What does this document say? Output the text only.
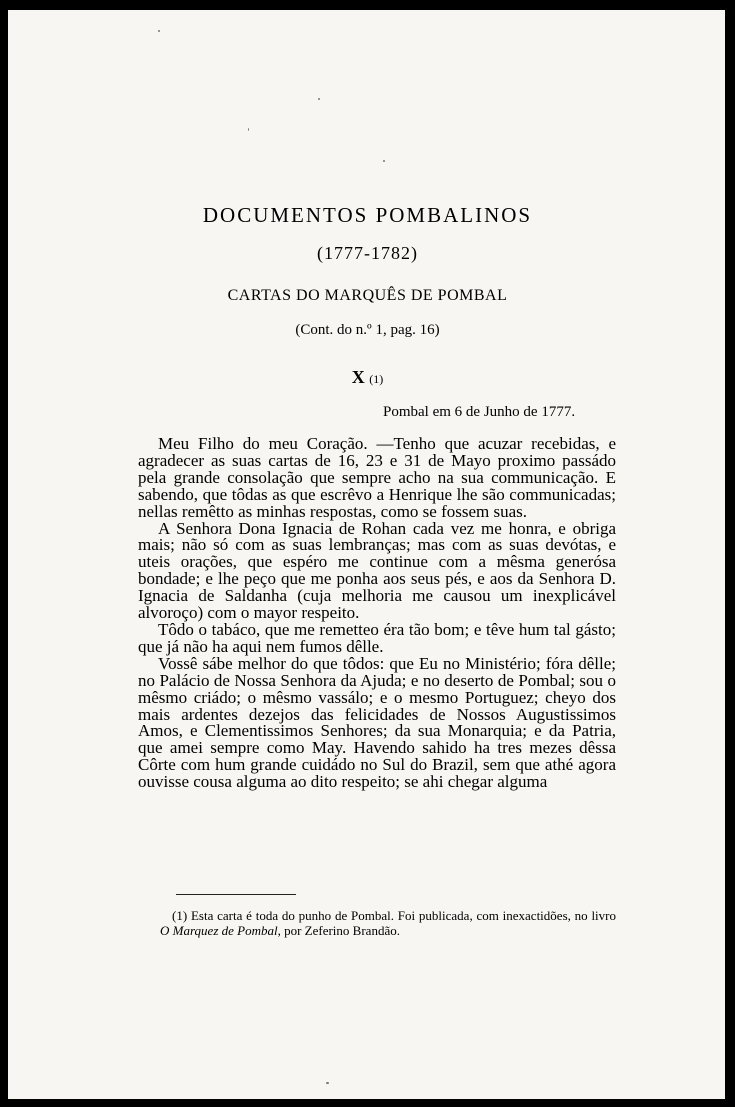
DOCUMENTOS POMBALINOS
(1777-1782)
CARTAS DO MARQUÊS DE POMBAL
(Cont. do n.º 1, pag. 16)
X (1)
Pombal em 6 de Junho de 1777.

Meu Filho do meu Coração. —Tenho que acuzar recebidas, e agradecer as suas cartas de 16, 23 e 31 de Mayo proximo passádo pela grande consolação que sempre acho na sua communicação. E sabendo, que tôdas as que escrêvo a Henrique lhe são communicadas; nellas remêtto as minhas respostas, como se fossem suas.

A Senhora Dona Ignacia de Rohan cada vez me honra, e obriga mais; não só com as suas lembranças; mas com as suas devótas, e uteis orações, que espéro me continue com a mêsma generósa bondade; e lhe peço que me ponha aos seus pés, e aos da Senhora D. Ignacia de Saldanha (cuja melhoria me causou um inexplicável alvoroço) com o mayor respeito.

Tôdo o tabáco, que me remetteo éra tão bom; e têve hum tal gásto; que já não ha aqui nem fumos dêlle.

Vossê sábe melhor do que tôdos: que Eu no Ministério; fóra dêlle; no Palácio de Nossa Senhora da Ajuda; e no deserto de Pombal; sou o mêsmo criádo; o mêsmo vassálo; e o mesmo Portuguez; cheyo dos mais ardentes dezejos das felicidades de Nossos Augustissimos Amos, e Clementissimos Senhores; da sua Monarquia; e da Patria, que amei sempre como May. Havendo sahido ha tres mezes dêssa Côrte com hum grande cuidádo no Sul do Brazil, sem que athé agora ouvisse cousa alguma ao dito respeito; se ahi chegar alguma

(1) Esta carta é toda do punho de Pombal. Foi publicada, com inexactidões, no livro O Marquez de Pombal, por Zeferino Brandão.
